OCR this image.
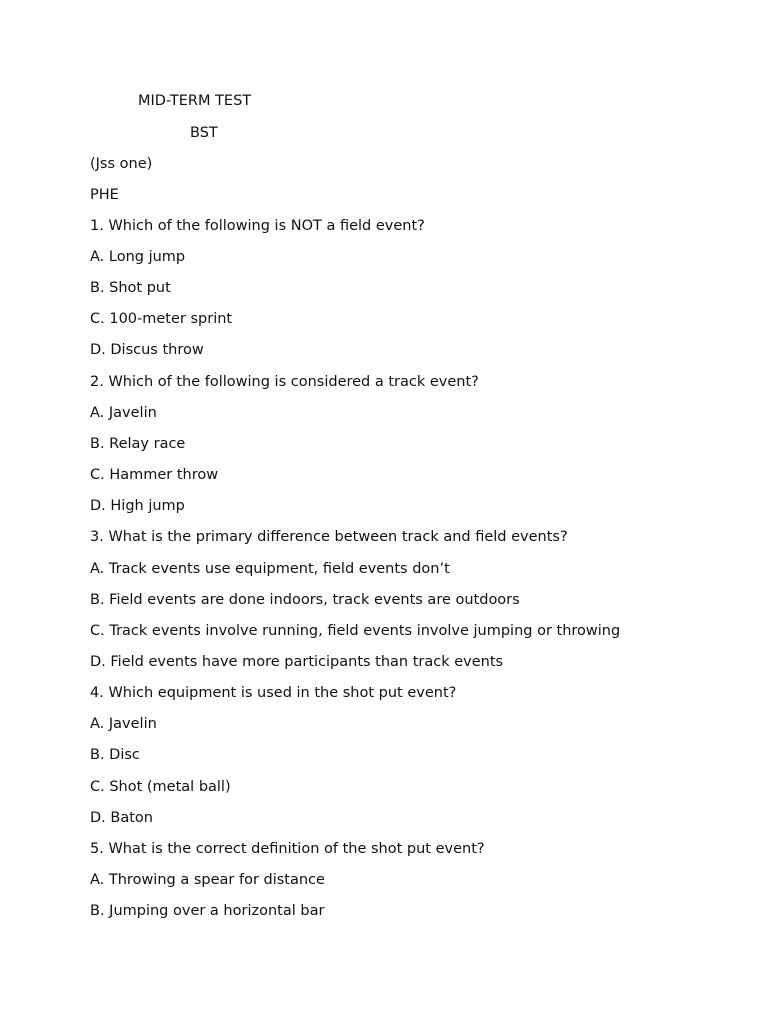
MID-TERM TEST
BST
(Jss one)
PHE
1. Which of the following is NOT a field event?
A. Long jump
B. Shot put
C. 100-meter sprint
D. Discus throw
2. Which of the following is considered a track event?
A. Javelin
B. Relay race
C. Hammer throw
D. High jump
3. What is the primary difference between track and field events?
A. Track events use equipment, field events don’t
B. Field events are done indoors, track events are outdoors
C. Track events involve running, field events involve jumping or throwing
D. Field events have more participants than track events
4. Which equipment is used in the shot put event?
A. Javelin
B. Disc
C. Shot (metal ball)
D. Baton
5. What is the correct definition of the shot put event?
A. Throwing a spear for distance
B. Jumping over a horizontal bar
